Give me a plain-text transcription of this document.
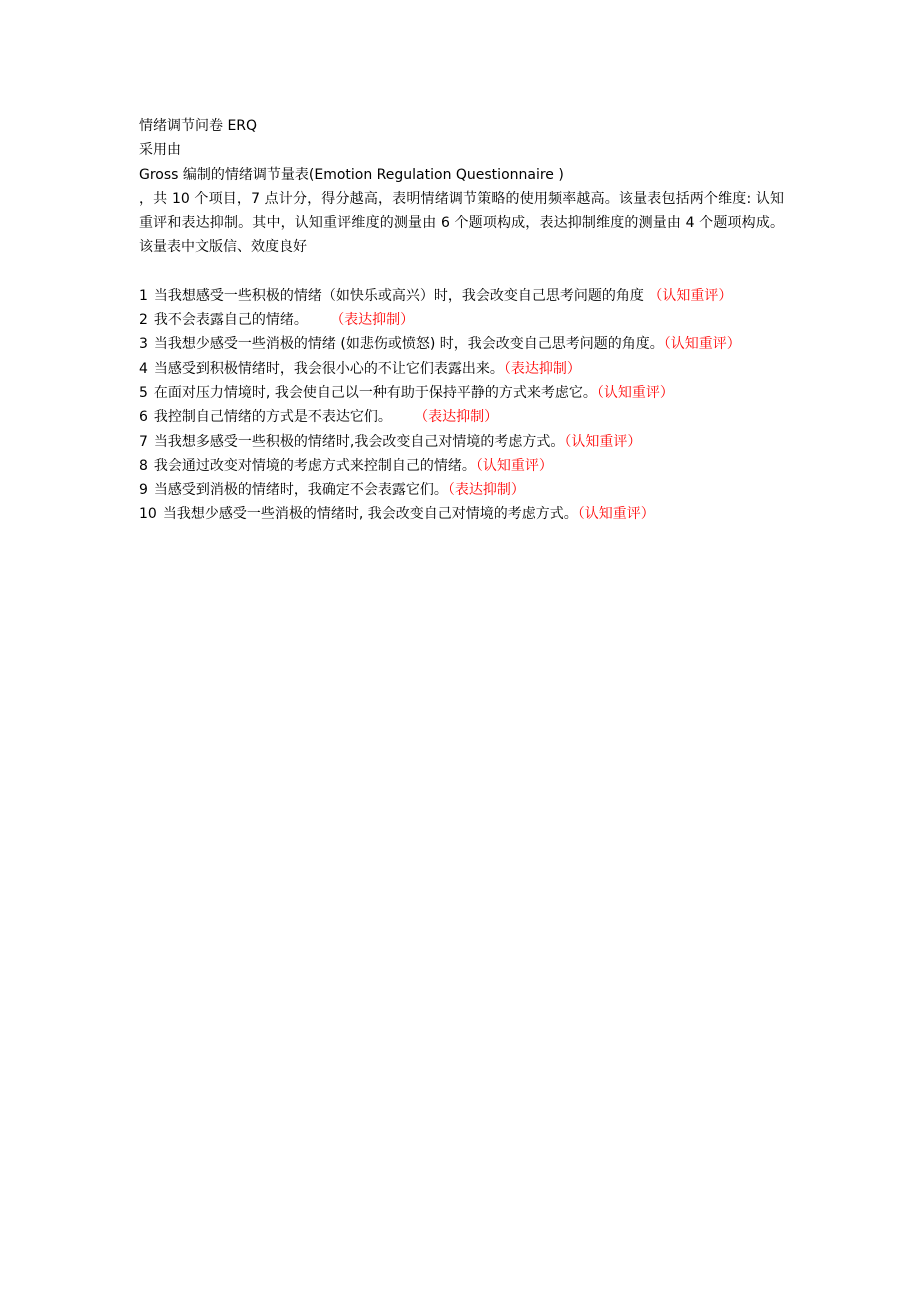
情绪调节问卷 ERQ

采用由

Gross 编制的情绪调节量表(Emotion Regulation Questionnaire )

，共 10 个项目，7 点计分，得分越高，表明情绪调节策略的使用频率越高。该量表包括两个维度: 认知重评和表达抑制。其中，认知重评维度的测量由 6 个题项构成，表达抑制维度的测量由 4 个题项构成。该量表中文版信、效度良好

1 当我想感受一些积极的情绪（如快乐或高兴）时，我会改变自己思考问题的角度 （认知重评）

2 我不会表露自己的情绪。     （表达抑制）

3 当我想少感受一些消极的情绪 (如悲伤或愤怒) 时，我会改变自己思考问题的角度。（认知重评）

4 当感受到积极情绪时，我会很小心的不让它们表露出来。（表达抑制）

5 在面对压力情境时, 我会使自己以一种有助于保持平静的方式来考虑它。（认知重评）

6 我控制自己情绪的方式是不表达它们。     （表达抑制）

7 当我想多感受一些积极的情绪时,我会改变自己对情境的考虑方式。（认知重评）

8 我会通过改变对情境的考虑方式来控制自己的情绪。（认知重评）

9 当感受到消极的情绪时，我确定不会表露它们。（表达抑制）

10 当我想少感受一些消极的情绪时, 我会改变自己对情境的考虑方式。（认知重评）
